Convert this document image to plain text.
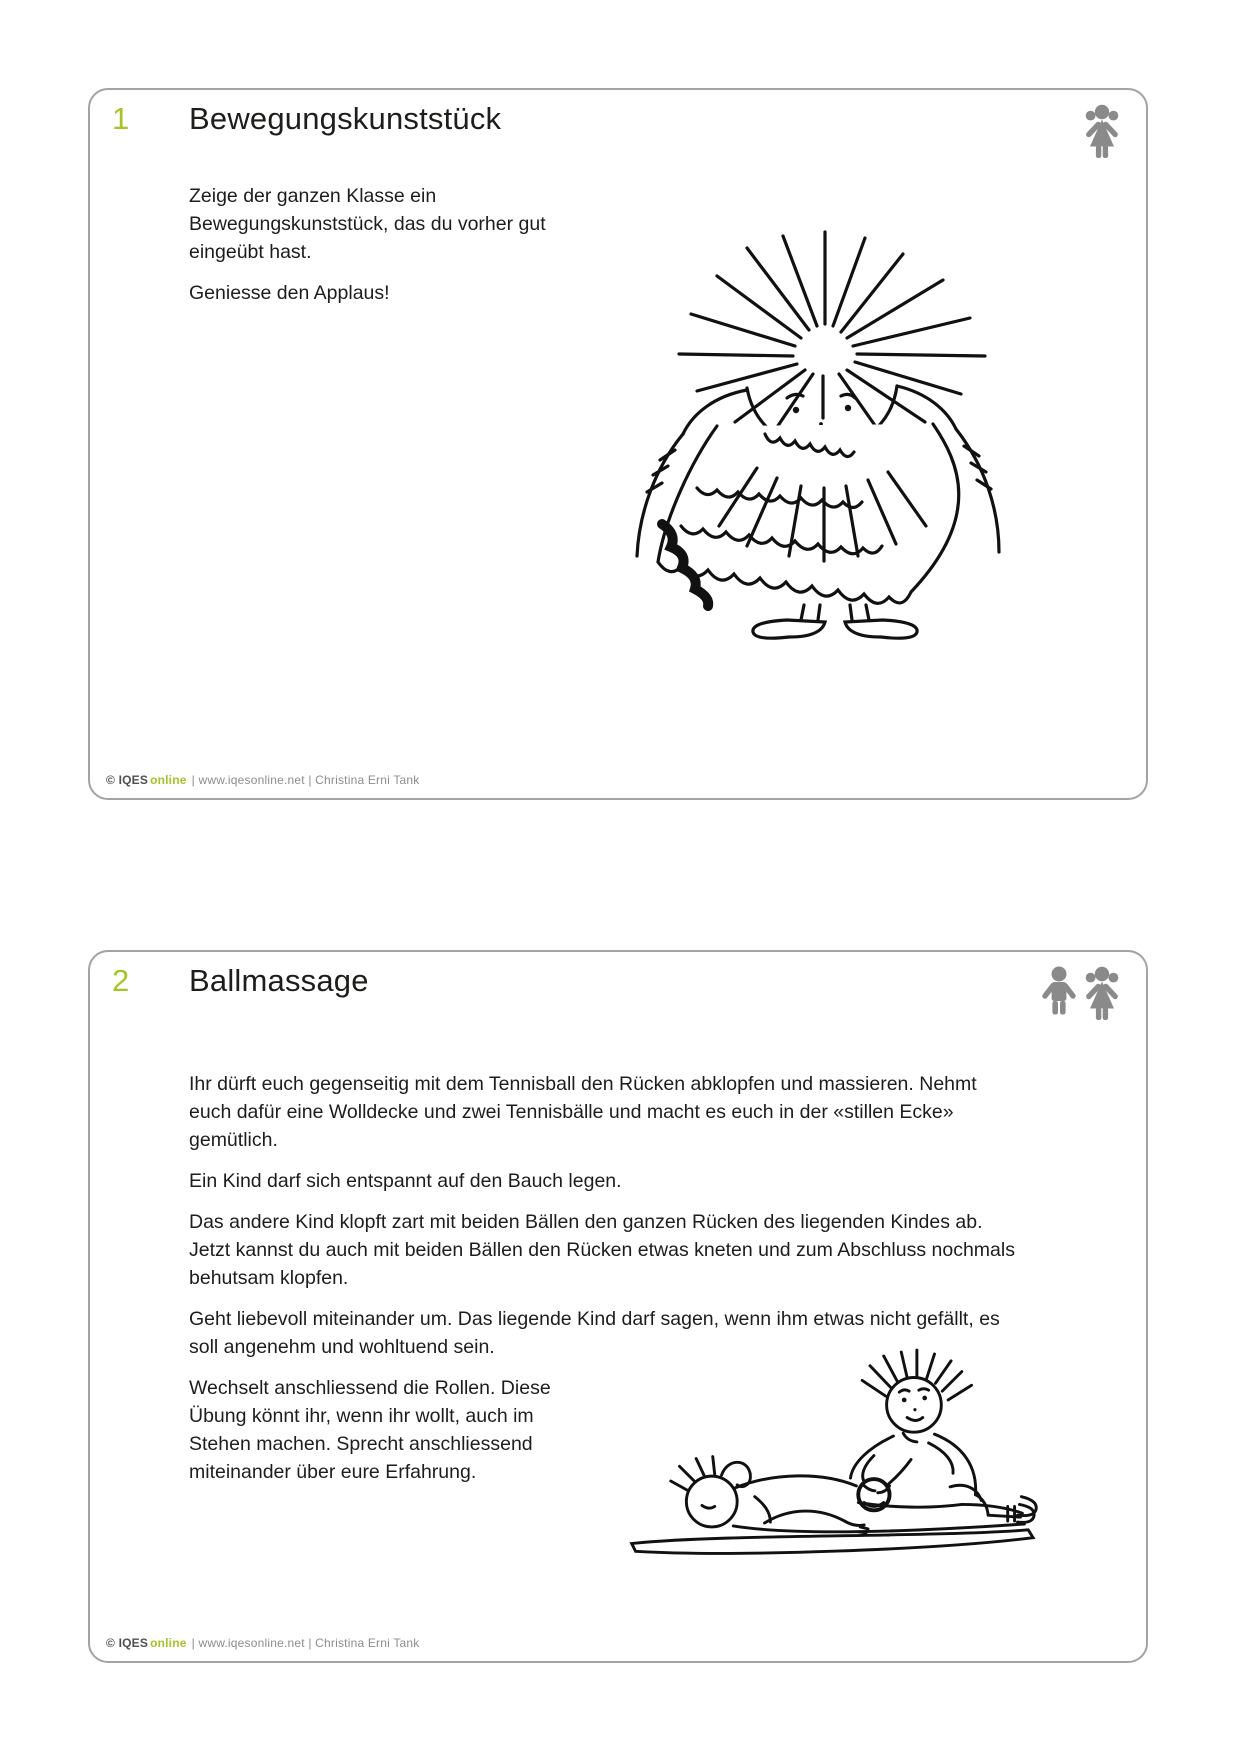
1 Bewegungskunststück

Zeige der ganzen Klasse ein Bewegungskunststück, das du vorher gut eingeübt hast.

Geniesse den Applaus!

© IQES online | www.iqesonline.net | Christina Erni Tank
2 Ballmassage

Ihr dürft euch gegenseitig mit dem Tennisball den Rücken abklopfen und massieren. Nehmt euch dafür eine Wolldecke und zwei Tennisbälle und macht es euch in der «stillen Ecke» gemütlich.

Ein Kind darf sich entspannt auf den Bauch legen.

Das andere Kind klopft zart mit beiden Bällen den ganzen Rücken des liegenden Kindes ab. Jetzt kannst du auch mit beiden Bällen den Rücken etwas kneten und zum Abschluss nochmals behutsam klopfen.

Geht liebevoll miteinander um. Das liegende Kind darf sagen, wenn ihm etwas nicht gefällt, es soll angenehm und wohltuend sein.

Wechselt anschliessend die Rollen. Diese Übung könnt ihr, wenn ihr wollt, auch im Stehen machen. Sprecht anschliessend miteinander über eure Erfahrung.

© IQES online | www.iqesonline.net | Christina Erni Tank
